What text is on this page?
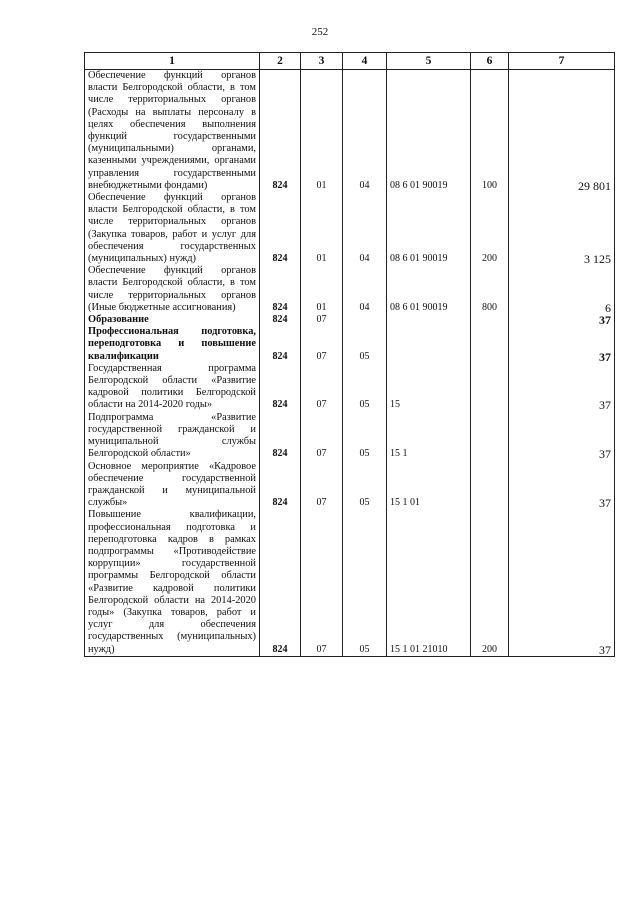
252
1	2	3	4	5	6	7
Обеспечение функций органов власти Белгородской области, в том числе территориальных органов (Расходы на выплаты персоналу в целях обеспечения выполнения функций государственными (муниципальными) органами, казенными учреждениями, органами управления государственными внебюджетными фондами)	824	01	04	08 6 01 90019	100	29 801
Обеспечение функций органов власти Белгородской области, в том числе территориальных органов (Закупка товаров, работ и услуг для обеспечения государственных (муниципальных) нужд)	824	01	04	08 6 01 90019	200	3 125
Обеспечение функций органов власти Белгородской области, в том числе территориальных органов (Иные бюджетные ассигнования)	824	01	04	08 6 01 90019	800	6
Образование	824	07				37
Профессиональная подготовка, переподготовка и повышение квалификации	824	07	05			37
Государственная программа Белгородской области «Развитие кадровой политики Белгородской области на 2014-2020 годы»	824	07	05	15		37
Подпрограмма «Развитие государственной гражданской и муниципальной службы Белгородской области»	824	07	05	15 1		37
Основное мероприятие «Кадровое обеспечение государственной гражданской и муниципальной службы»	824	07	05	15 1 01		37
Повышение квалификации, профессиональная подготовка и переподготовка кадров в рамках подпрограммы «Противодействие коррупции» государственной программы Белгородской области «Развитие кадровой политики Белгородской области на 2014-2020 годы» (Закупка товаров, работ и услуг для обеспечения государственных (муниципальных) нужд)	824	07	05	15 1 01 21010	200	37
